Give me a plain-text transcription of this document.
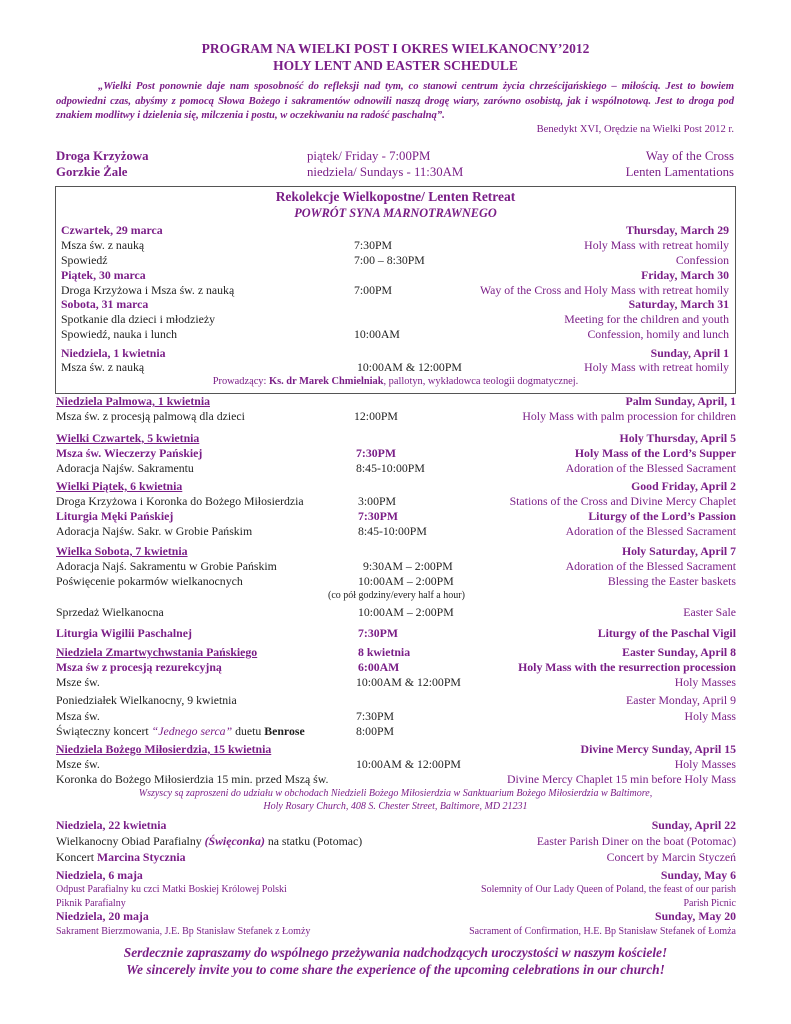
PROGRAM NA WIELKI POST I OKRES WIELKANOCNY’2012
HOLY LENT AND EASTER SCHEDULE
„Wielki Post ponownie daje nam sposobność do refleksji nad tym, co stanowi centrum życia chrześcijańskiego – miłością. Jest to bowiem odpowiedni czas, abyśmy z pomocą Słowa Bożego i sakramentów odnowili naszą drogę wiary, zarówno osobistą, jak i wspólnotową. Jest to droga pod znakiem modlitwy i dzielenia się, milczenia i postu, w oczekiwaniu na radość paschalną”.
Benedykt XVI, Orędzie na Wielki Post 2012 r.
Droga Krzyżowa	piątek/ Friday - 7:00PM	Way of the Cross
Gorzkie Żale	niedziela/ Sundays - 11:30AM	Lenten Lamentations
Rekolekcje Wielkopostne/ Lenten Retreat
POWRÓT SYNA MARNOTRAWNEGO
Czwartek, 29 marca	Thursday, March 29
Msza św. z nauką	7:30PM	Holy Mass with retreat homily
Spowiedź	7:00 – 8:30PM	Confession
Piątek, 30 marca	Friday, March 30
Droga Krzyżowa i Msza św. z nauką	7:00PM	Way of the Cross and Holy Mass with retreat homily
Sobota, 31 marca	Saturday, March 31
Spotkanie dla dzieci i młodzieży	Meeting for the children and youth
Spowiedź, nauka i lunch	10:00AM	Confession, homily and lunch
Niedziela, 1 kwietnia	Sunday, April 1
Msza św. z nauką	10:00AM & 12:00PM	Holy Mass with retreat homily
Prowadzący: Ks. dr Marek Chmielniak, pallotyn, wykładowca teologii dogmatycznej.
Niedziela Palmowa, 1 kwietnia	Palm Sunday, April, 1
Msza św. z procesją palmową dla dzieci	12:00PM	Holy Mass with palm procession for children
Wielki Czwartek, 5 kwietnia	Holy Thursday, April 5
Msza św. Wieczerzy Pańskiej	7:30PM	Holy Mass of the Lord’s Supper
Adoracja Najśw. Sakramentu	8:45-10:00PM	Adoration of the Blessed Sacrament
Wielki Piątek, 6 kwietnia	Good Friday, April 2
Droga Krzyżowa i Koronka do Bożego Miłosierdzia	3:00PM	Stations of the Cross and Divine Mercy Chaplet
Liturgia Męki Pańskiej	7:30PM	Liturgy of the Lord’s Passion
Adoracja Najśw. Sakr. w Grobie Pańskim	8:45-10:00PM	Adoration of the Blessed Sacrament
Wielka Sobota, 7 kwietnia	Holy Saturday, April 7
Adoracja Najś. Sakramentu w Grobie Pańskim	9:30AM – 2:00PM	Adoration of the Blessed Sacrament
Poświęcenie pokarmów wielkanocnych	10:00AM – 2:00PM	Blessing the Easter baskets
(co pół godziny/every half a hour)
Sprzedaż Wielkanocna	10:00AM – 2:00PM	Easter Sale
Liturgia Wigilii Paschalnej	7:30PM	Liturgy of the Paschal Vigil
Niedziela Zmartwychwstania Pańskiego	8 kwietnia	Easter Sunday, April 8
Msza św z procesją rezurekcyjną	6:00AM	Holy Mass with the resurrection procession
Msze św.	10:00AM & 12:00PM	Holy Masses
Poniedziałek Wielkanocny, 9 kwietnia	Easter Monday, April 9
Msza św.	7:30PM	Holy Mass
Świąteczny koncert “Jednego serca” duetu Benrose	8:00PM
Niedziela Bożego Miłosierdzia, 15 kwietnia	Divine Mercy Sunday, April 15
Msze św.	10:00AM & 12:00PM	Holy Masses
Koronka do Bożego Miłosierdzia 15 min. przed Mszą św.	Divine Mercy Chaplet 15 min before Holy Mass
Wszyscy są zaproszeni do udziału w obchodach Niedzieli Bożego Miłosierdzia w Sanktuarium Bożego Miłosierdzia w Baltimore,
Holy Rosary Church, 408 S. Chester Street, Baltimore, MD 21231
Niedziela, 22 kwietnia	Sunday, April 22
Wielkanocny Obiad Parafialny (Święconka) na statku (Potomac)	Easter Parish Diner on the boat (Potomac)
Koncert Marcina Stycznia	Concert by Marcin Styczeń
Niedziela, 6 maja	Sunday, May 6
Odpust Parafialny ku czci Matki Boskiej Królowej Polski	Solemnity of Our Lady Queen of Poland, the feast of our parish
Piknik Parafialny	Parish Picnic
Niedziela, 20 maja	Sunday, May 20
Sakrament Bierzmowania, J.E. Bp Stanisław Stefanek z Łomży	Sacrament of Confirmation, H.E. Bp Stanisław Stefanek of Łomża
Serdecznie zapraszamy do wspólnego przeżywania nadchodzących uroczystości w naszym kościele!
We sincerely invite you to come share the experience of the upcoming celebrations in our church!
